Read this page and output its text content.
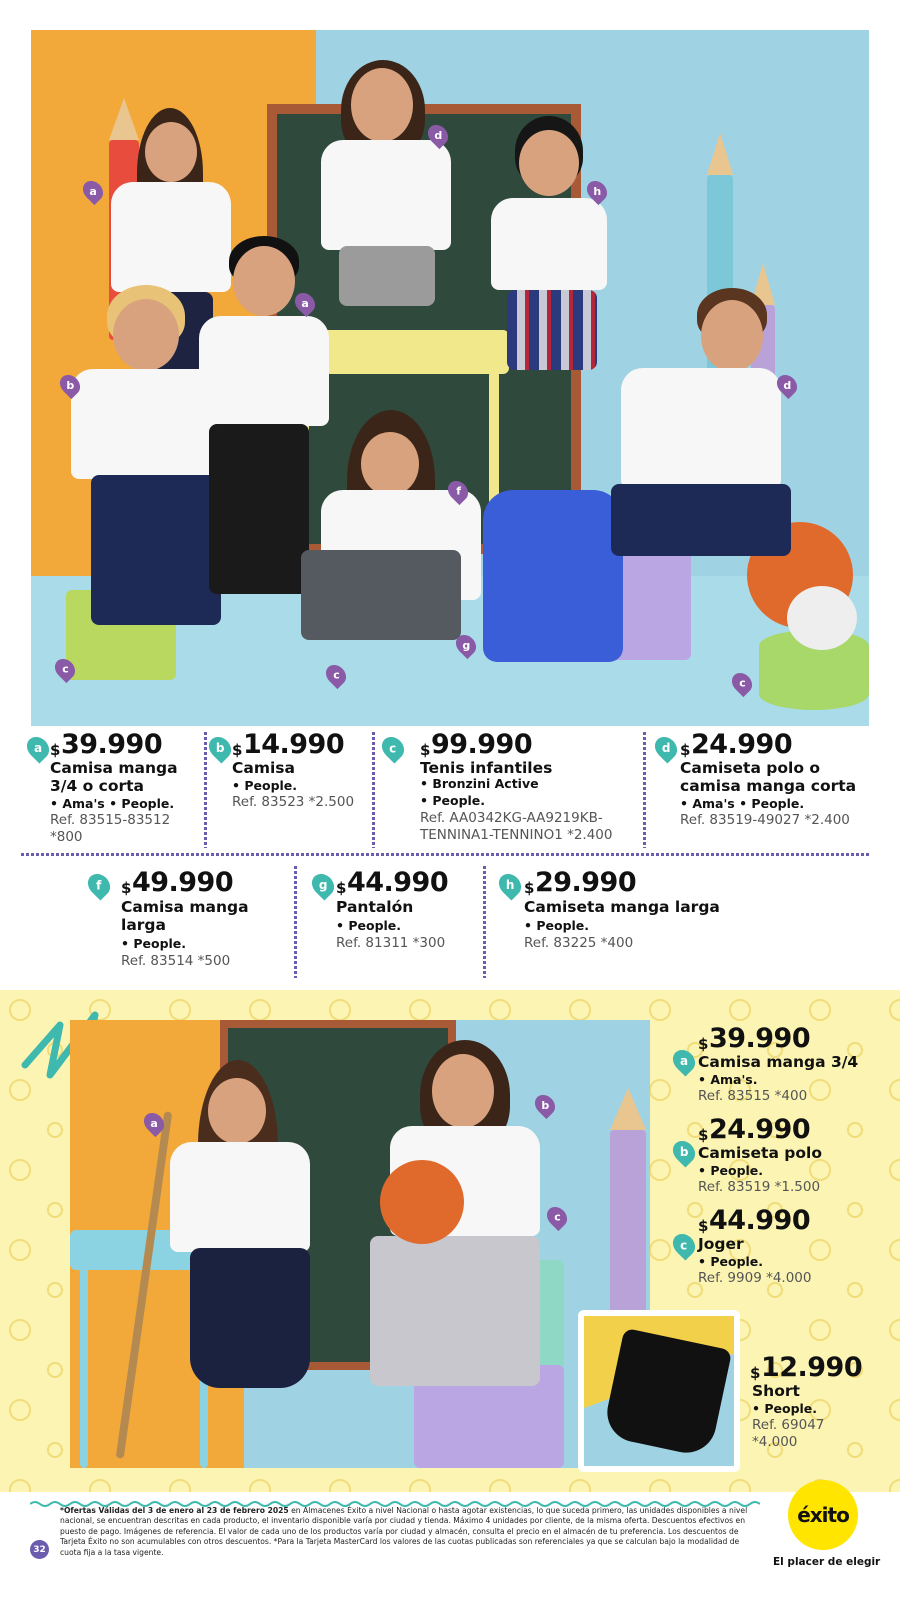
a
b
a
d
h
d
f
g
c	c
c
a $39.990
Camisa manga 3/4 o corta
• Ama's • People.
Ref. 83515-83512 *800
b $14.990
Camisa
• People.
Ref. 83523 *2.500
c $99.990
Tenis infantiles
• Bronzini Active
• People.
Ref. AA0342KG-AA9219KB-TENNINA1-TENNINO1 *2.400
d $24.990
Camiseta polo o camisa manga corta
• Ama's • People.
Ref. 83519-49027 *2.400
f $49.990
Camisa manga larga
• People.
Ref. 83514 *500
g $44.990
Pantalón
• People.
Ref. 81311 *300
h $29.990
Camiseta manga larga
• People.
Ref. 83225 *400
a
b
c
a
$39.990
Camisa manga 3/4
• Ama's.
Ref. 83515 *400
b
$24.990
Camiseta polo
• People.
Ref. 83519 *1.500
c
$44.990
Joger
• People.
Ref. 9909 *4.000
$12.990
Short
• People.
Ref. 69047 *4.000
*Ofertas Válidas del 3 de enero al 23 de febrero 2025 en Almacenes Éxito a nivel Nacional o hasta agotar existencias, lo que suceda primero, las unidades disponibles a nivel nacional, se encuentran descritas en cada producto, el inventario disponible varía por ciudad y tienda. Máximo 4 unidades por cliente, de la misma oferta. Descuentos efectivos en puesto de pago. Imágenes de referencia. El valor de cada uno de los productos varía por ciudad y almacén, consulta el precio en el almacén de tu preferencia. Los descuentos de Tarjeta Éxito no son acumulables con otros descuentos. *Para la Tarjeta MasterCard los valores de las cuotas publicadas son referenciales ya que se calculan bajo la modalidad de cuota fija a la tasa vigente.
32
éxito
El placer de elegir
